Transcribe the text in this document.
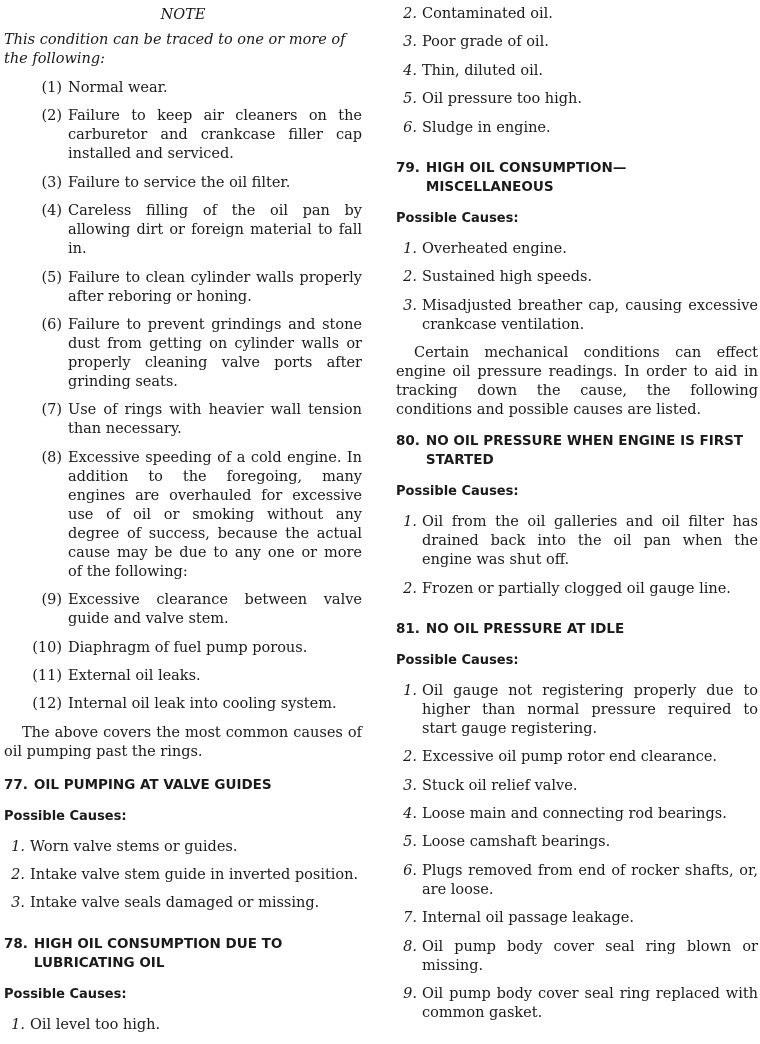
NOTE
This condition can be traced to one or more of the following:
(1) Normal wear.
(2) Failure to keep air cleaners on the carburetor and crankcase filler cap installed and serviced.
(3) Failure to service the oil filter.
(4) Careless filling of the oil pan by allowing dirt or foreign material to fall in.
(5) Failure to clean cylinder walls properly after reboring or honing.
(6) Failure to prevent grindings and stone dust from getting on cylinder walls or properly cleaning valve ports after grinding seats.
(7) Use of rings with heavier wall tension than necessary.
(8) Excessive speeding of a cold engine. In addition to the foregoing, many engines are overhauled for excessive use of oil or smoking without any degree of success, because the actual cause may be due to any one or more of the following:
(9) Excessive clearance between valve guide and valve stem.
(10) Diaphragm of fuel pump porous.
(11) External oil leaks.
(12) Internal oil leak into cooling system.
The above covers the most common causes of oil pumping past the rings.
77. OIL PUMPING AT VALVE GUIDES
Possible Causes:
1. Worn valve stems or guides.
2. Intake valve stem guide in inverted position.
3. Intake valve seals damaged or missing.
78. HIGH OIL CONSUMPTION DUE TO LUBRICATING OIL
Possible Causes:
1. Oil level too high.
2. Contaminated oil.
3. Poor grade of oil.
4. Thin, diluted oil.
5. Oil pressure too high.
6. Sludge in engine.
79. HIGH OIL CONSUMPTION— MISCELLANEOUS
Possible Causes:
1. Overheated engine.
2. Sustained high speeds.
3. Misadjusted breather cap, causing excessive crankcase ventilation.
Certain mechanical conditions can effect engine oil pressure readings. In order to aid in tracking down the cause, the following conditions and possible causes are listed.
80. NO OIL PRESSURE WHEN ENGINE IS FIRST STARTED
Possible Causes:
1. Oil from the oil galleries and oil filter has drained back into the oil pan when the engine was shut off.
2. Frozen or partially clogged oil gauge line.
81. NO OIL PRESSURE AT IDLE
Possible Causes:
1. Oil gauge not registering properly due to higher than normal pressure required to start gauge registering.
2. Excessive oil pump rotor end clearance.
3. Stuck oil relief valve.
4. Loose main and connecting rod bearings.
5. Loose camshaft bearings.
6. Plugs removed from end of rocker shafts, or, are loose.
7. Internal oil passage leakage.
8. Oil pump body cover seal ring blown or missing.
9. Oil pump body cover seal ring replaced with common gasket.
